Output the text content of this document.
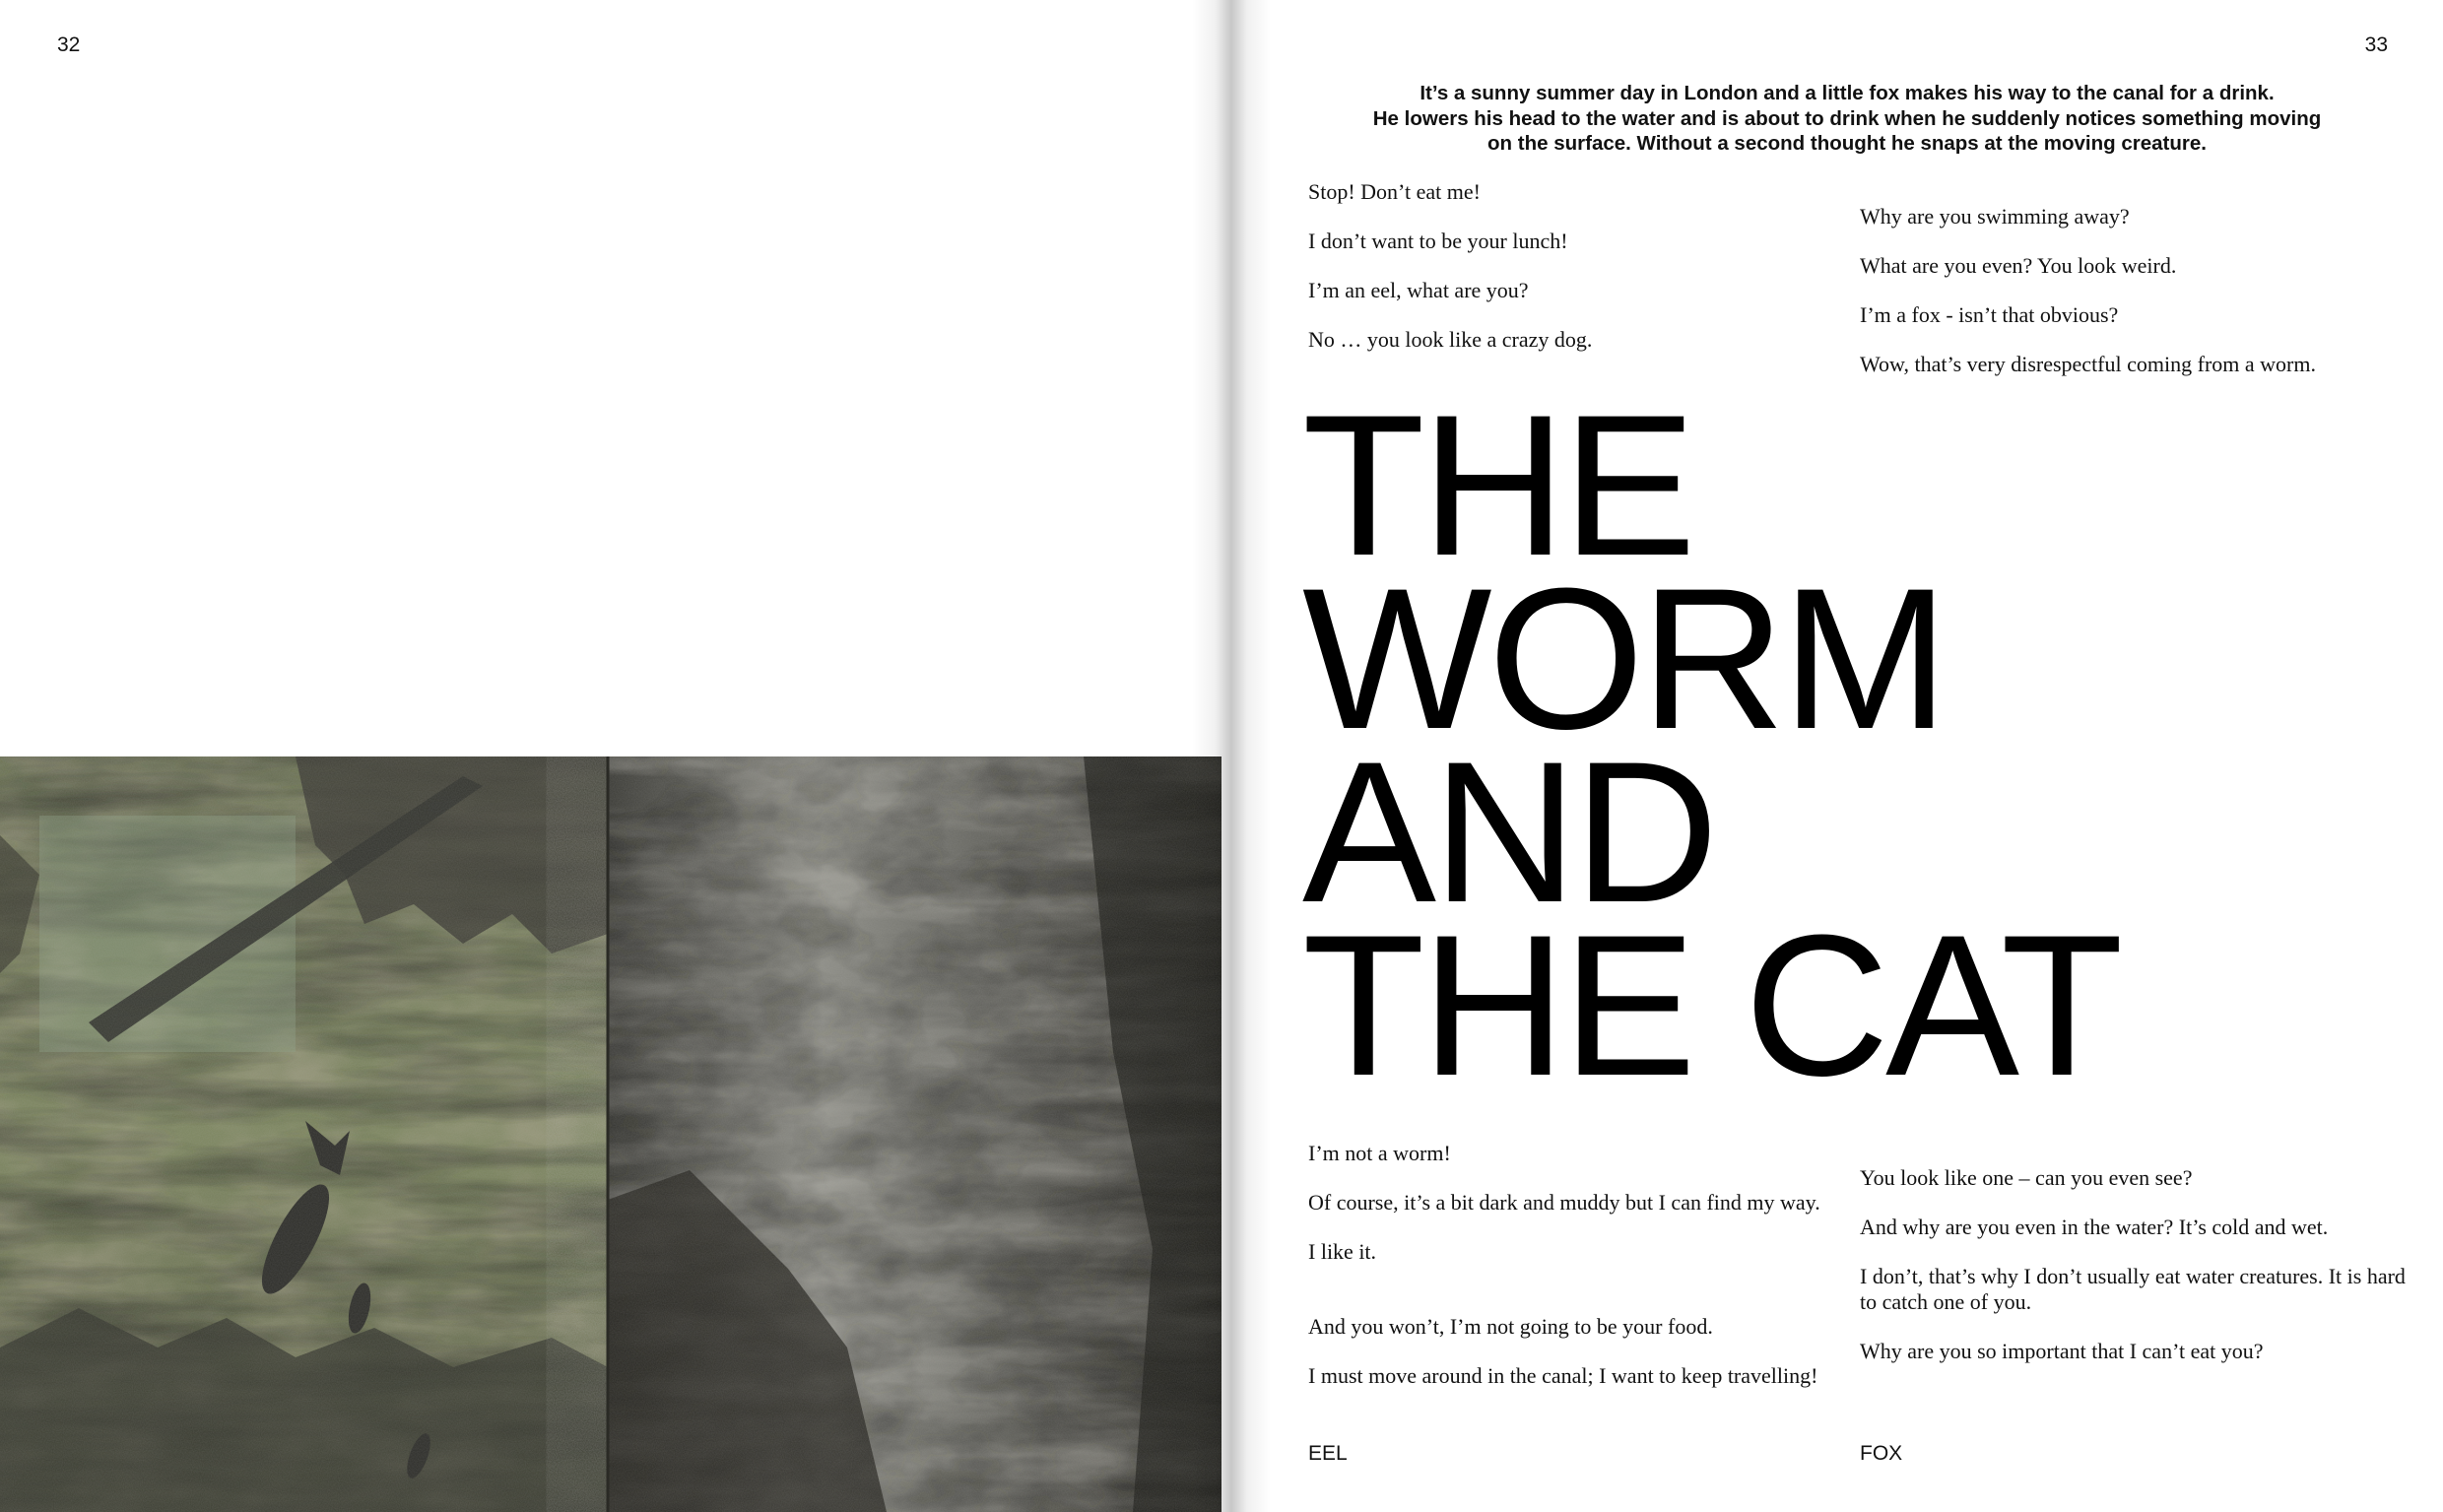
32	33

It’s a sunny summer day in London and a little fox makes his way to the canal for a drink.

He lowers his head to the water and is about to drink when he suddenly notices something moving

on the surface. Without a second thought he snaps at the moving creature.

Stop! Don’t eat me!

I don’t want to be your lunch!

I’m an eel, what are you?

No … you look like a crazy dog.

Why are you swimming away?

What are you even? You look weird.

I’m a fox - isn’t that obvious?

Wow, that’s very disrespectful coming from a worm.

THE
WORM
AND
THE CAT

I’m not a worm!

Of course, it’s a bit dark and muddy but I can find my way.

I like it.

And you won’t, I’m not going to be your food.

I must move around in the canal; I want to keep travelling!

You look like one – can you even see?

And why are you even in the water? It’s cold and wet.

I don’t, that’s why I don’t usually eat water creatures. It is hard to catch one of you.

Why are you so important that I can’t eat you?

EEL	FOX
